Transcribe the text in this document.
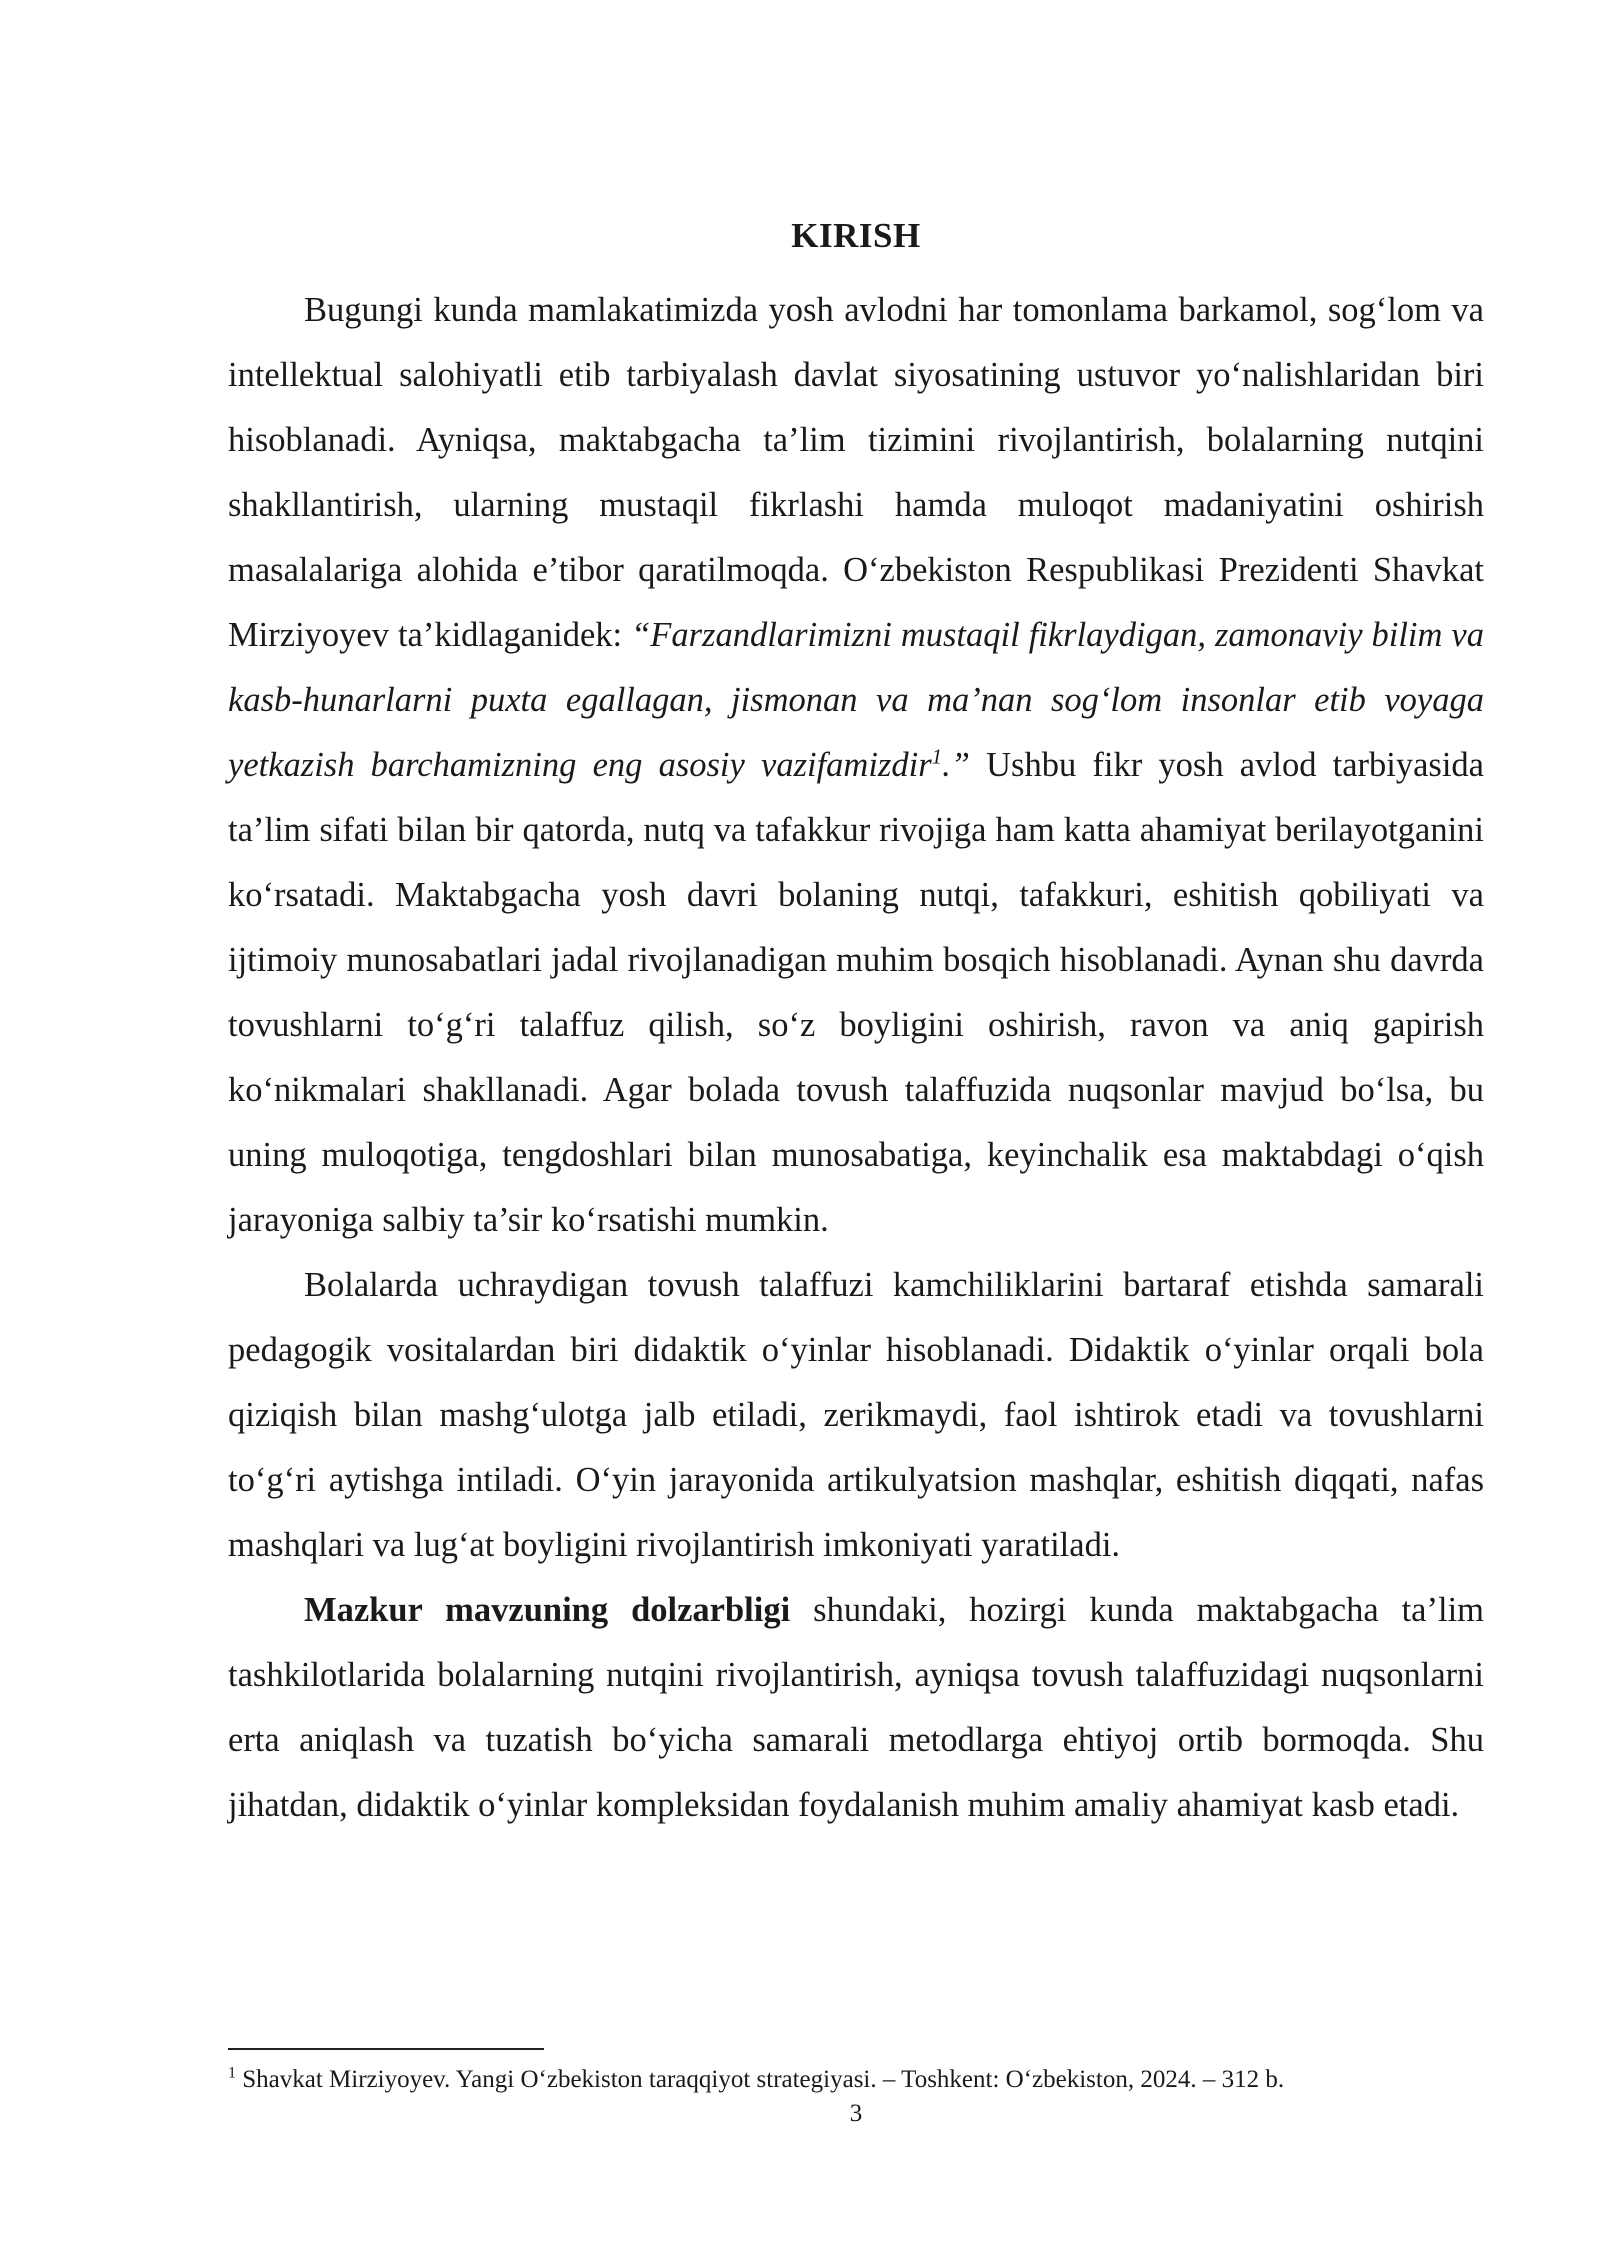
KIRISH

Bugungi kunda mamlakatimizda yosh avlodni har tomonlama barkamol, sog‘lom va intellektual salohiyatli etib tarbiyalash davlat siyosatining ustuvor yo‘nalishlaridan biri hisoblanadi. Ayniqsa, maktabgacha ta’lim tizimini rivojlantirish, bolalarning nutqini shakllantirish, ularning mustaqil fikrlashi hamda muloqot madaniyatini oshirish masalalariga alohida e’tibor qaratilmoqda. O‘zbekiston Respublikasi Prezidenti Shavkat Mirziyoyev ta’kidlaganidek: “Farzandlarimizni mustaqil fikrlaydigan, zamonaviy bilim va kasb-hunarlarni puxta egallagan, jismonan va ma’nan sog‘lom insonlar etib voyaga yetkazish barchamizning eng asosiy vazifamizdir$^1$.” Ushbu fikr yosh avlod tarbiyasida ta’lim sifati bilan bir qatorda, nutq va tafakkur rivojiga ham katta ahamiyat berilayotganini ko‘rsatadi. Maktabgacha yosh davri bolaning nutqi, tafakkuri, eshitish qobiliyati va ijtimoiy munosabatlari jadal rivojlanadigan muhim bosqich hisoblanadi. Aynan shu davrda tovushlarni to‘g‘ri talaffuz qilish, so‘z boyligini oshirish, ravon va aniq gapirish ko‘nikmalari shakllanadi. Agar bolada tovush talaffuzida nuqsonlar mavjud bo‘lsa, bu uning muloqotiga, tengdoshlari bilan munosabatiga, keyinchalik esa maktabdagi o‘qish jarayoniga salbiy ta’sir ko‘rsatishi mumkin.

Bolalarda uchraydigan tovush talaffuzi kamchiliklarini bartaraf etishda samarali pedagogik vositalardan biri didaktik o‘yinlar hisoblanadi. Didaktik o‘yinlar orqali bola qiziqish bilan mashg‘ulotga jalb etiladi, zerikmaydi, faol ishtirok etadi va tovushlarni to‘g‘ri aytishga intiladi. O‘yin jarayonida artikulyatsion mashqlar, eshitish diqqati, nafas mashqlari va lug‘at boyligini rivojlantirish imkoniyati yaratiladi.

Mazkur mavzuning dolzarbligi shundaki, hozirgi kunda maktabgacha ta’lim tashkilotlarida bolalarning nutqini rivojlantirish, ayniqsa tovush talaffuzidagi nuqsonlarni erta aniqlash va tuzatish bo‘yicha samarali metodlarga ehtiyoj ortib bormoqda. Shu jihatdan, didaktik o‘yinlar kompleksidan foydalanish muhim amaliy ahamiyat kasb etadi.

$^1$ Shavkat Mirziyoyev. Yangi O‘zbekiston taraqqiyot strategiyasi. – Toshkent: O‘zbekiston, 2024. – 312 b.
3
